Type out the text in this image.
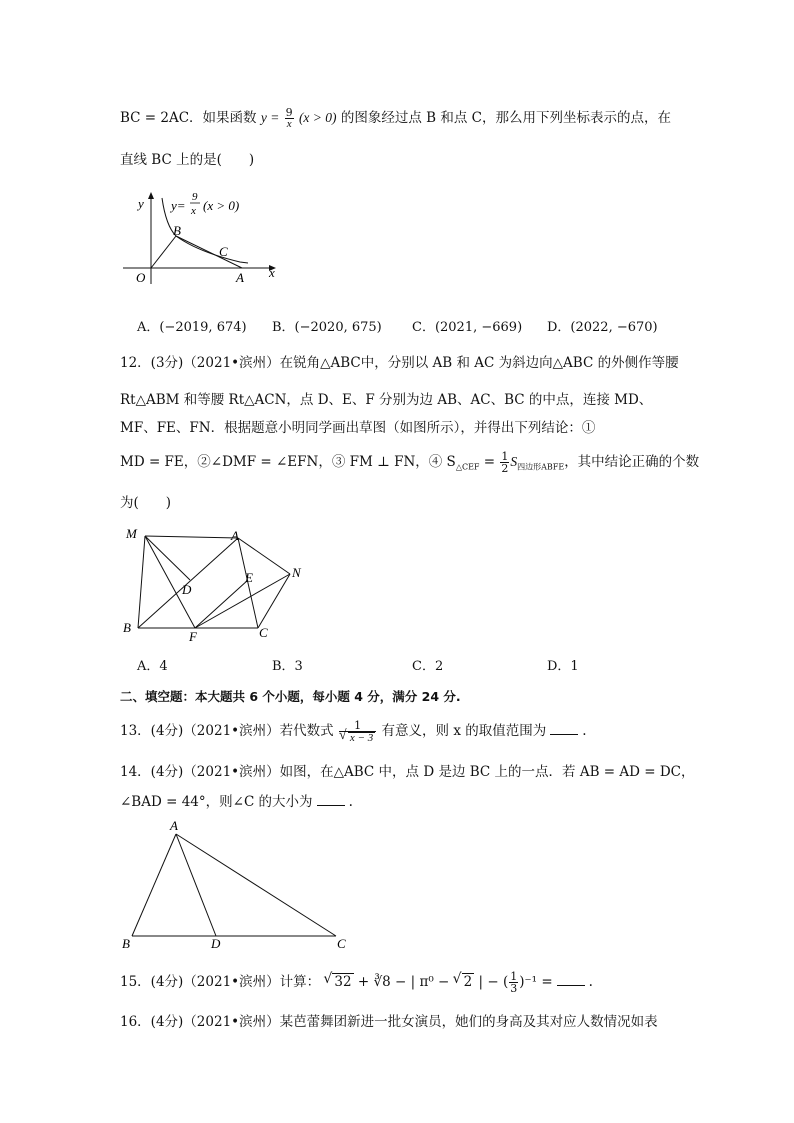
BC = 2AC．如果函数 $y = \frac{9}{x} (x > 0)$ 的图象经过点 B 和点 C，那么用下列坐标表示的点，在
直线 BC 上的是(　　)
y y=
9
x (x > 0)
B
C
O	A x
A．(−2019, 674)	B．(−2020, 675)	C．(2021, −669)	D．(2022, −670)
12．(3分)（2021•滨州）在锐角△ABC中，分别以 AB 和 AC 为斜边向△ABC 的外侧作等腰
Rt△ABM 和等腰 Rt△ACN，点 D、E、F 分别为边 AB、AC、BC 的中点，连接 MD、
MF、FE、FN．根据题意小明同学画出草图（如图所示），并得出下列结论：①
MD = FE，②∠DMF = ∠EFN，③ FM ⊥ FN，④ $S_{\triangle CEF} = \frac{1}{2} S_{四边形ABFE}$，其中结论正确的个数
为(　　)
M	A
D
E	N
B
F	C
A．4	B．3	C．2	D．1
二、填空题：本大题共 6 个小题，每小题 4 分，满分 24 分.
13．(4分)（2021•滨州）若代数式 1
√ x − 3 有意义，则 x 的取值范围为	.
14．(4分)（2021•滨州）如图，在△ABC 中，点 D 是边 BC 上的一点．若 AB = AD = DC，
∠BAD = 44°，则∠C 的大小为	.
A
B	D	C
15．(4分)（2021•滨州）计算： √ 32 + ∛8 − | π⁰ − √ 2 | − ( $\frac{1}{3} )^{-1}$ =	.
16．(4分)（2021•滨州）某芭蕾舞团新进一批女演员，她们的身高及其对应人数情况如表
